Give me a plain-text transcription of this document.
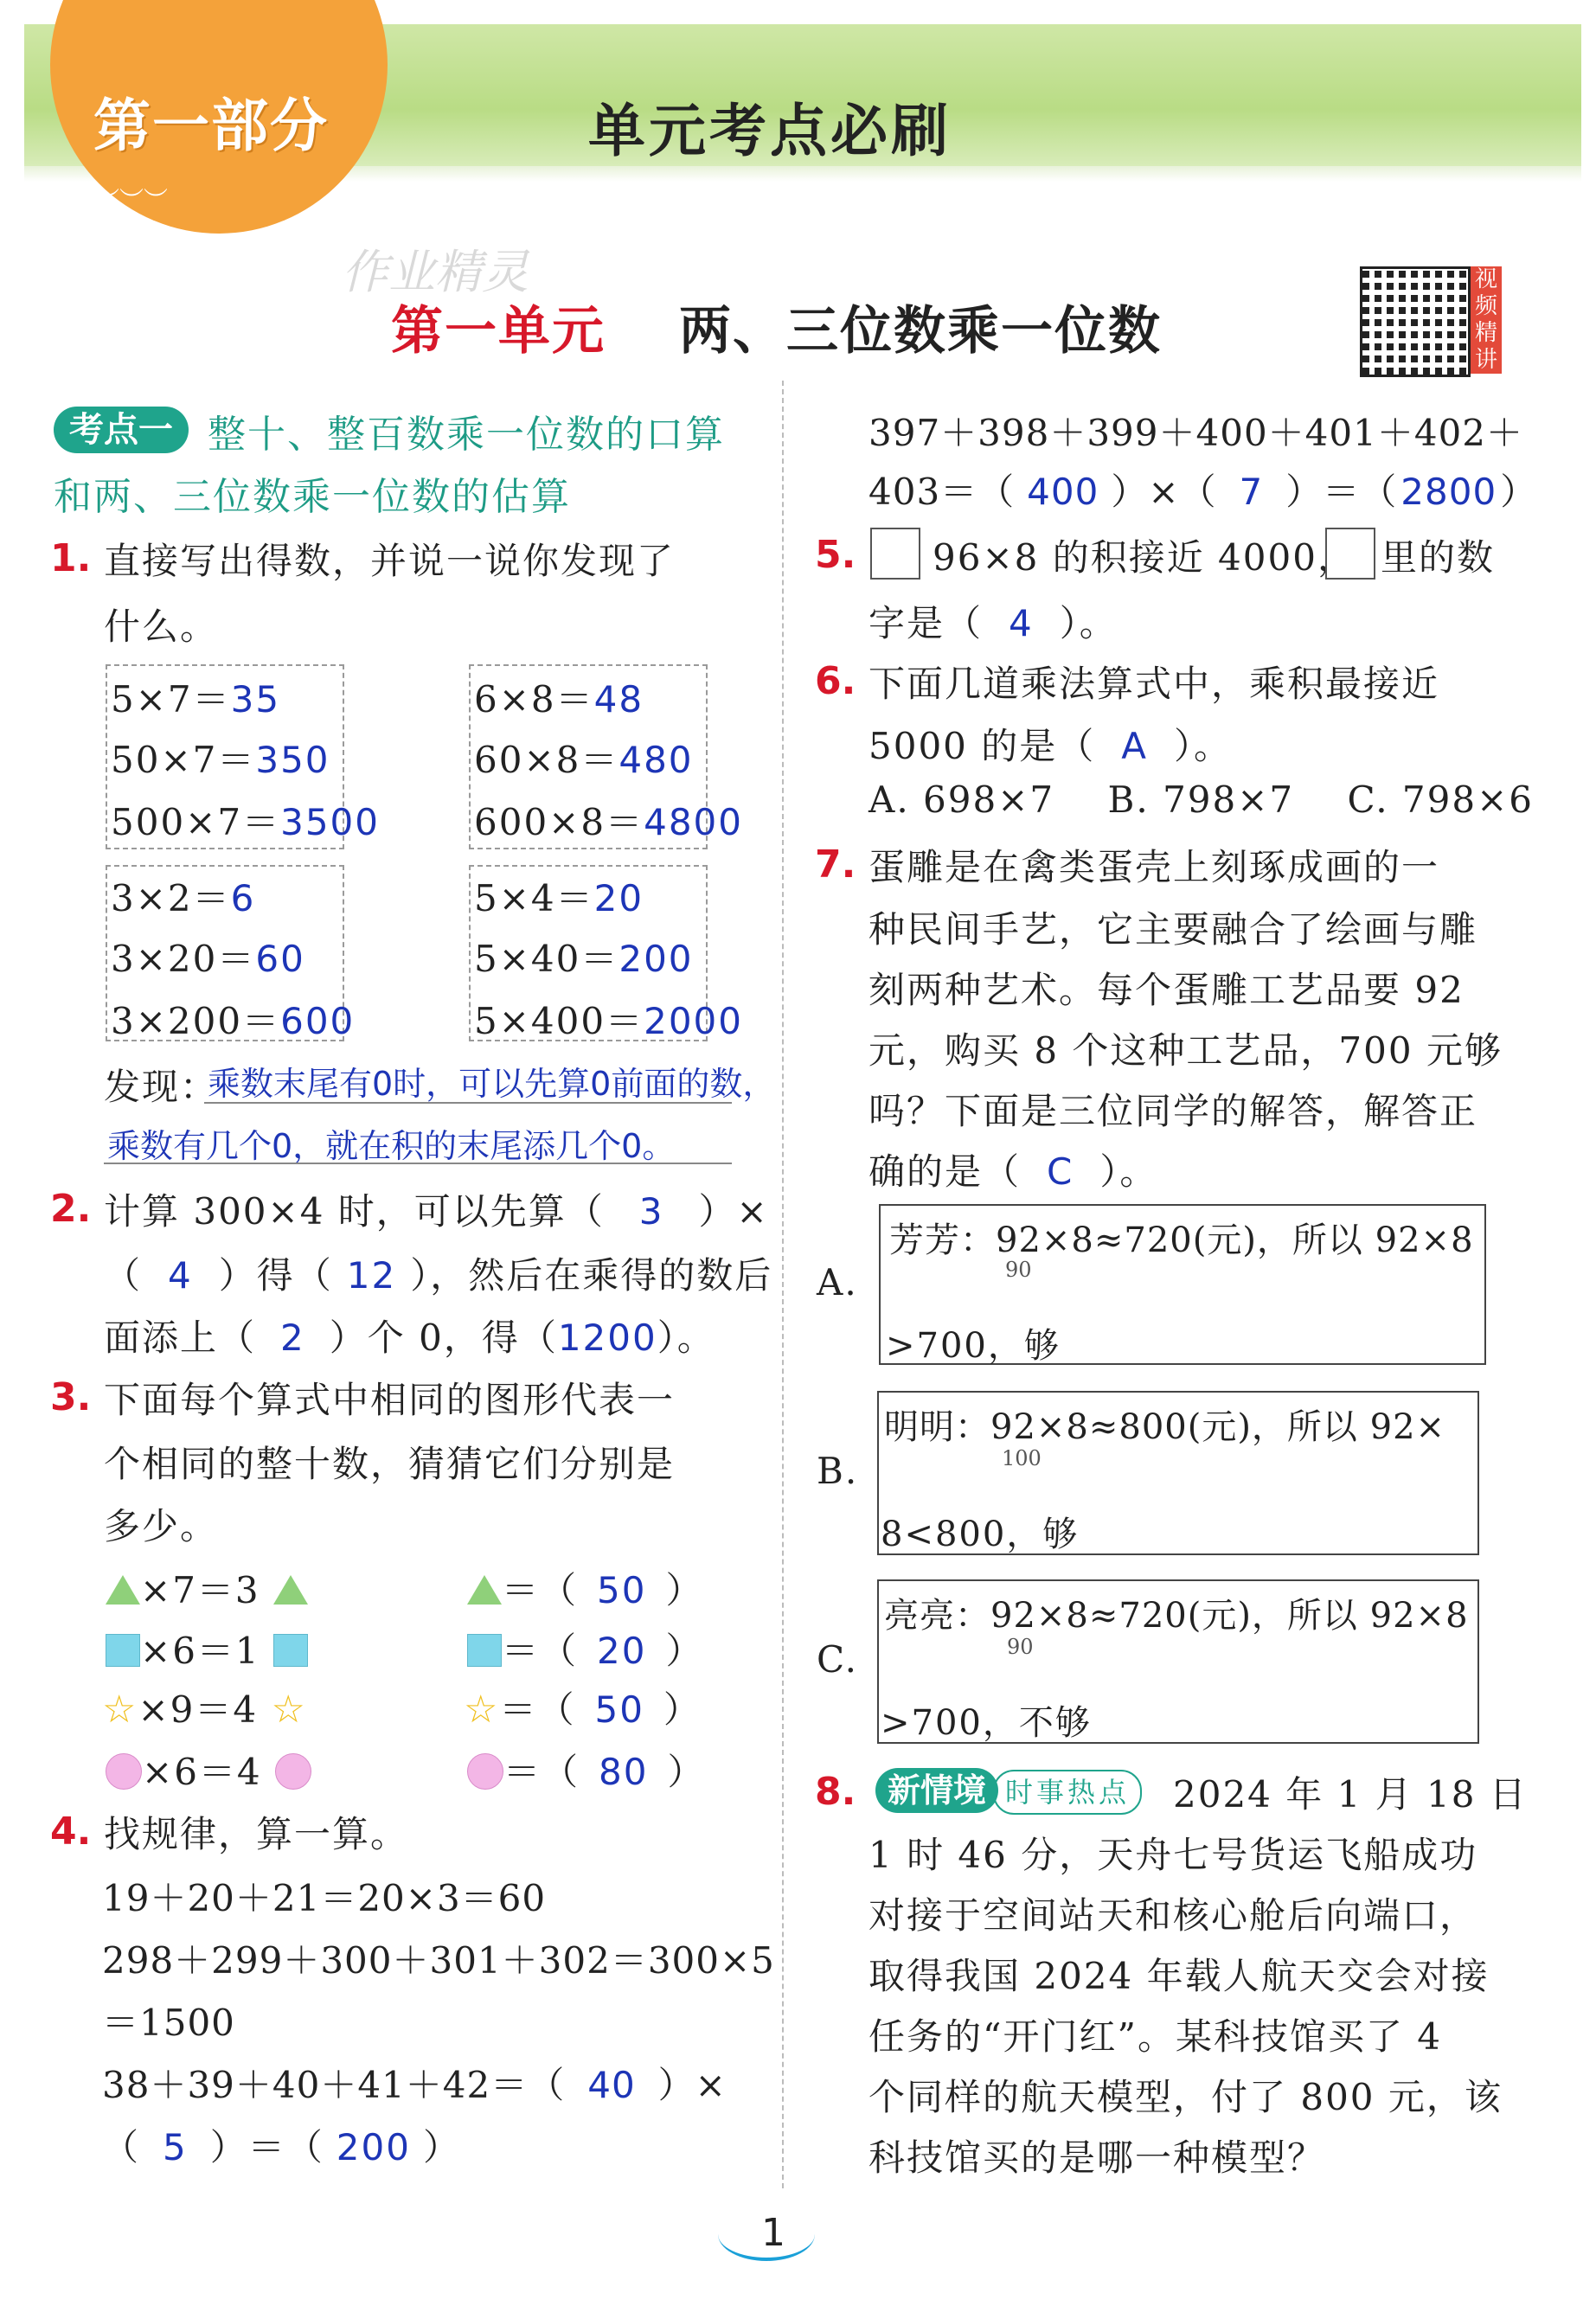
第一部分
︶︶︶
单元考点必刷
作业精灵
第一单元 两、三位数乘一位数
视
频
精
讲
考点一 整十、整百数乘一位数的口算
和两、三位数乘一位数的估算
1. 直接写出得数，并说一说你发现了
什么。
5×7＝35
50×7＝350
500×7＝3500
6×8＝48
60×8＝480
600×8＝4800
3×2＝6
3×20＝60
3×200＝600
5×4＝20
5×40＝200
5×400＝2000
发现：
乘数末尾有0时，可以先算0前面的数，
乘数有几个0，就在积的末尾添几个0。
2. 计算 300×4 时，可以先算（ 3 ）×
（ 4 ）得（ 12 ），然后在乘得的数后
面添上（ 2 ）个 0，得（1200）。
3. 下面每个算式中相同的图形代表一
个相同的整十数，猜猜它们分别是
多少。
×7＝3	＝（ 50 ）
×6＝1	＝（ 20 ）
☆×9＝4 ☆	☆＝（ 50 ）
×6＝4	＝（ 80 ）
4. 找规律，算一算。
19＋20＋21＝20×3＝60
298＋299＋300＋301＋302＝300×5
＝1500
38＋39＋40＋41＋42＝（ 40 ）×
（ 5 ）＝（ 200 ）
397＋398＋399＋400＋401＋402＋
403＝（ 400 ）×（ 7 ）＝（2800）
5. 96×8 的积接近 4000， 里的数
字是（ 4 ）。
6. 下面几道乘法算式中，乘积最接近
5000 的是（ A ）。
A. 698×7    B. 798×7    C. 798×6
7. 蛋雕是在禽类蛋壳上刻琢成画的一
种民间手艺，它主要融合了绘画与雕
刻两种艺术。每个蛋雕工艺品要 92
元，购买 8 个这种工艺品，700 元够
吗？下面是三位同学的解答，解答正
确的是（ C ）。
A.
芳芳：92×8≈720(元)，所以 92×8
90
>700，够
B.
明明：92×8≈800(元)，所以 92×
100
8<800，够
C.
亮亮：92×8≈720(元)，所以 92×8
90
>700，不够
8. 新情境 时事热点	2024 年 1 月 18 日
1 时 46 分，天舟七号货运飞船成功
对接于空间站天和核心舱后向端口，
取得我国 2024 年载人航天交会对接
任务的“开门红”。某科技馆买了 4
个同样的航天模型，付了 800 元，该
科技馆买的是哪一种模型？
1
